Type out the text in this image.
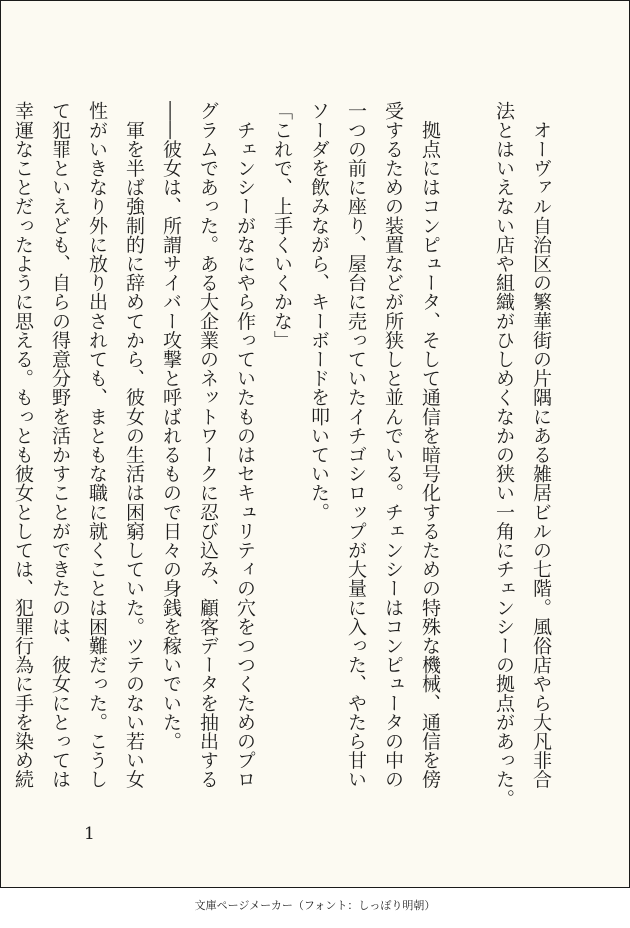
　オーヴァル自治区の繁華街の片隅にある雑居ビルの七階。風俗店やら大凡非合
法とはいえない店や組織がひしめくなかの狭い一角にチェンシーの拠点があった。
　拠点にはコンピュータ、そして通信を暗号化するための特殊な機械、通信を傍
受するための装置などが所狭しと並んでいる。チェンシーはコンピュータの中の
一つの前に座り、屋台に売っていたイチゴシロップが大量に入った、やたら甘い
ソーダを飲みながら、キーボードを叩いていた。
「これで、上手くいくかな」
　チェンシーがなにやら作っていたものはセキュリティの穴をつつくためのプロ
グラムであった。ある大企業のネットワークに忍び込み、顧客データを抽出する
――彼女は、所謂サイバー攻撃と呼ばれるもので日々の身銭を稼いでいた。
　軍を半ば強制的に辞めてから、彼女の生活は困窮していた。ツテのない若い女
性がいきなり外に放り出されても、まともな職に就くことは困難だった。こうし
て犯罪といえども、自らの得意分野を活かすことができたのは、彼女にとっては
幸運なことだったように思える。もっとも彼女としては、犯罪行為に手を染め続
1
文庫ページメーカー（フォント：しっぽり明朝）
